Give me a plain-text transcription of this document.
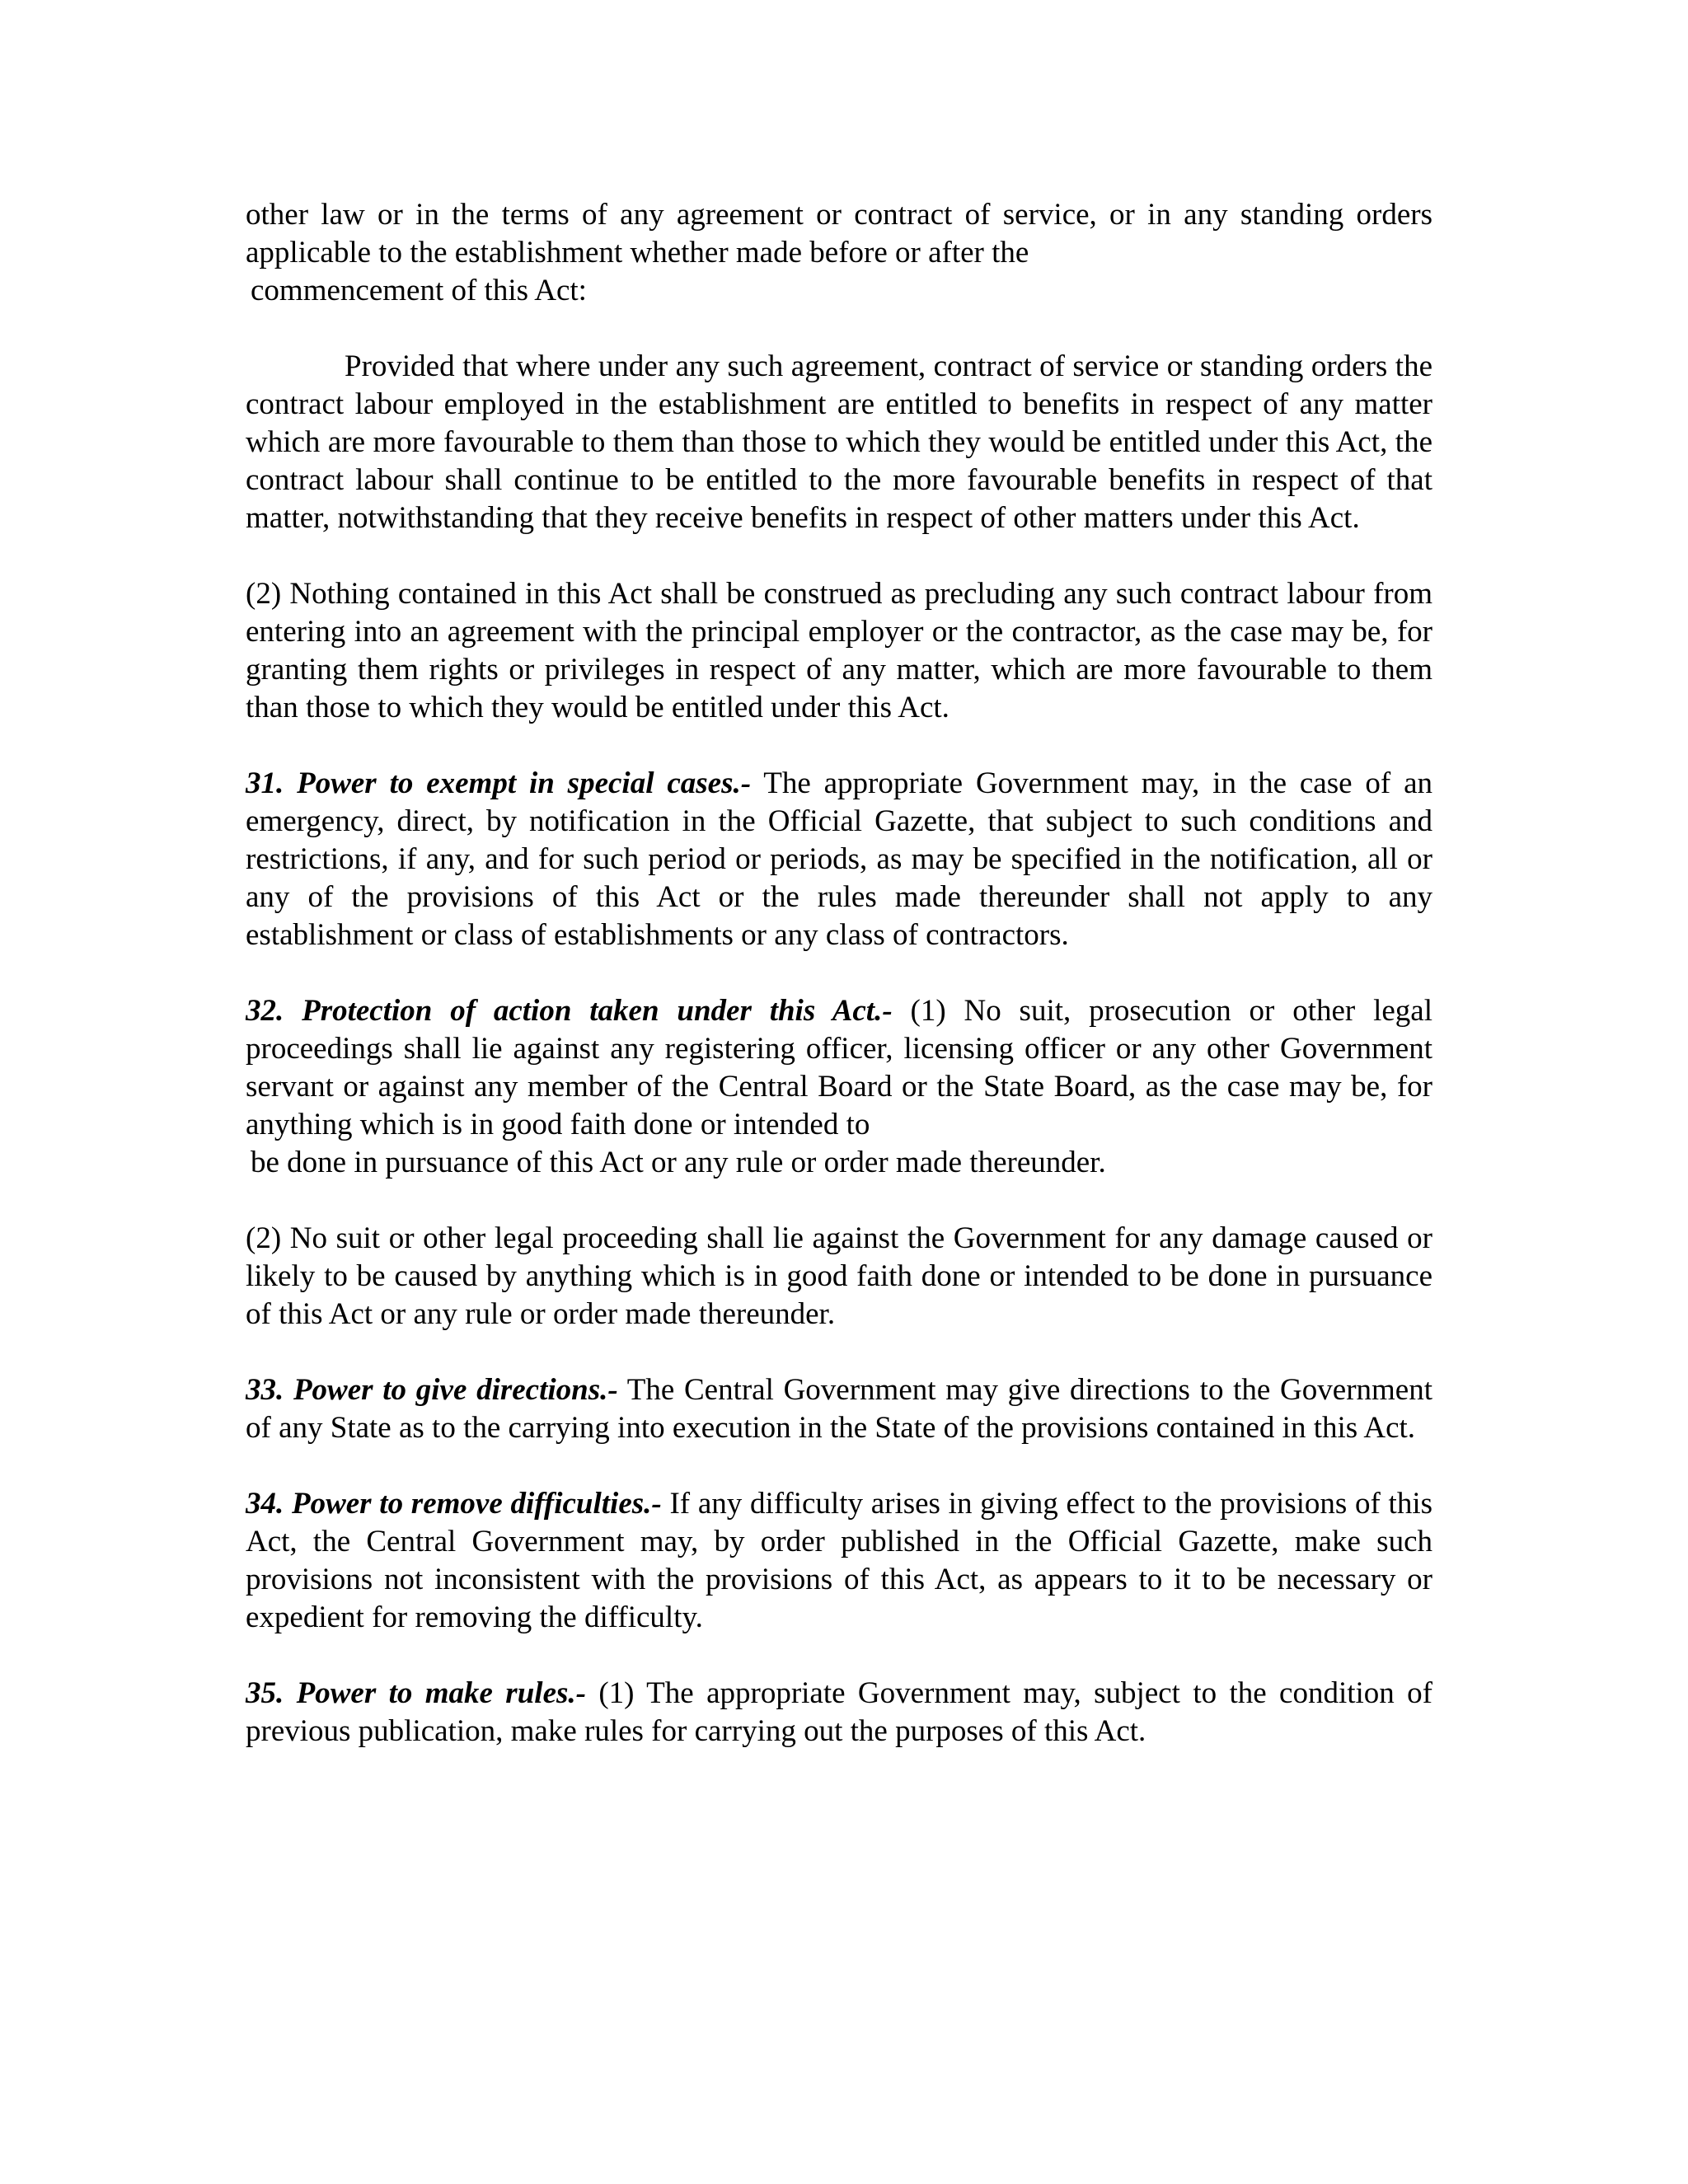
other law or in the terms of any agreement or contract of service, or in any standing orders applicable to the establishment whether made before or after the
commencement of this Act:

Provided that where under any such agreement, contract of service or standing orders the contract labour employed in the establishment are entitled to benefits in respect of any matter which are more favourable to them than those to which they would be entitled under this Act, the contract labour shall continue to be entitled to the more favourable benefits in respect of that matter, notwithstanding that they receive benefits in respect of other matters under this Act.

(2) Nothing contained in this Act shall be construed as precluding any such contract labour from entering into an agreement with the principal employer or the contractor, as the case may be, for granting them rights or privileges in respect of any matter, which are more favourable to them than those to which they would be entitled under this Act.

31. Power to exempt in special cases.- The appropriate Government may, in the case of an emergency, direct, by notification in the Official Gazette, that subject to such conditions and restrictions, if any, and for such period or periods, as may be specified in the notification, all or any of the provisions of this Act or the rules made thereunder shall not apply to any establishment or class of establishments or any class of contractors.

32. Protection of action taken under this Act.- (1) No suit, prosecution or other legal proceedings shall lie against any registering officer, licensing officer or any other Government servant or against any member of the Central Board or the State Board, as the case may be, for anything which is in good faith done or intended to
be done in pursuance of this Act or any rule or order made thereunder.

(2) No suit or other legal proceeding shall lie against the Government for any damage caused or likely to be caused by anything which is in good faith done or intended to be done in pursuance of this Act or any rule or order made thereunder.

33. Power to give directions.- The Central Government may give directions to the Government of any State as to the carrying into execution in the State of the provisions contained in this Act.

34. Power to remove difficulties.- If any difficulty arises in giving effect to the provisions of this Act, the Central Government may, by order published in the Official Gazette, make such provisions not inconsistent with the provisions of this Act, as appears to it to be necessary or expedient for removing the difficulty.

35. Power to make rules.- (1) The appropriate Government may, subject to the condition of previous publication, make rules for carrying out the purposes of this Act.
